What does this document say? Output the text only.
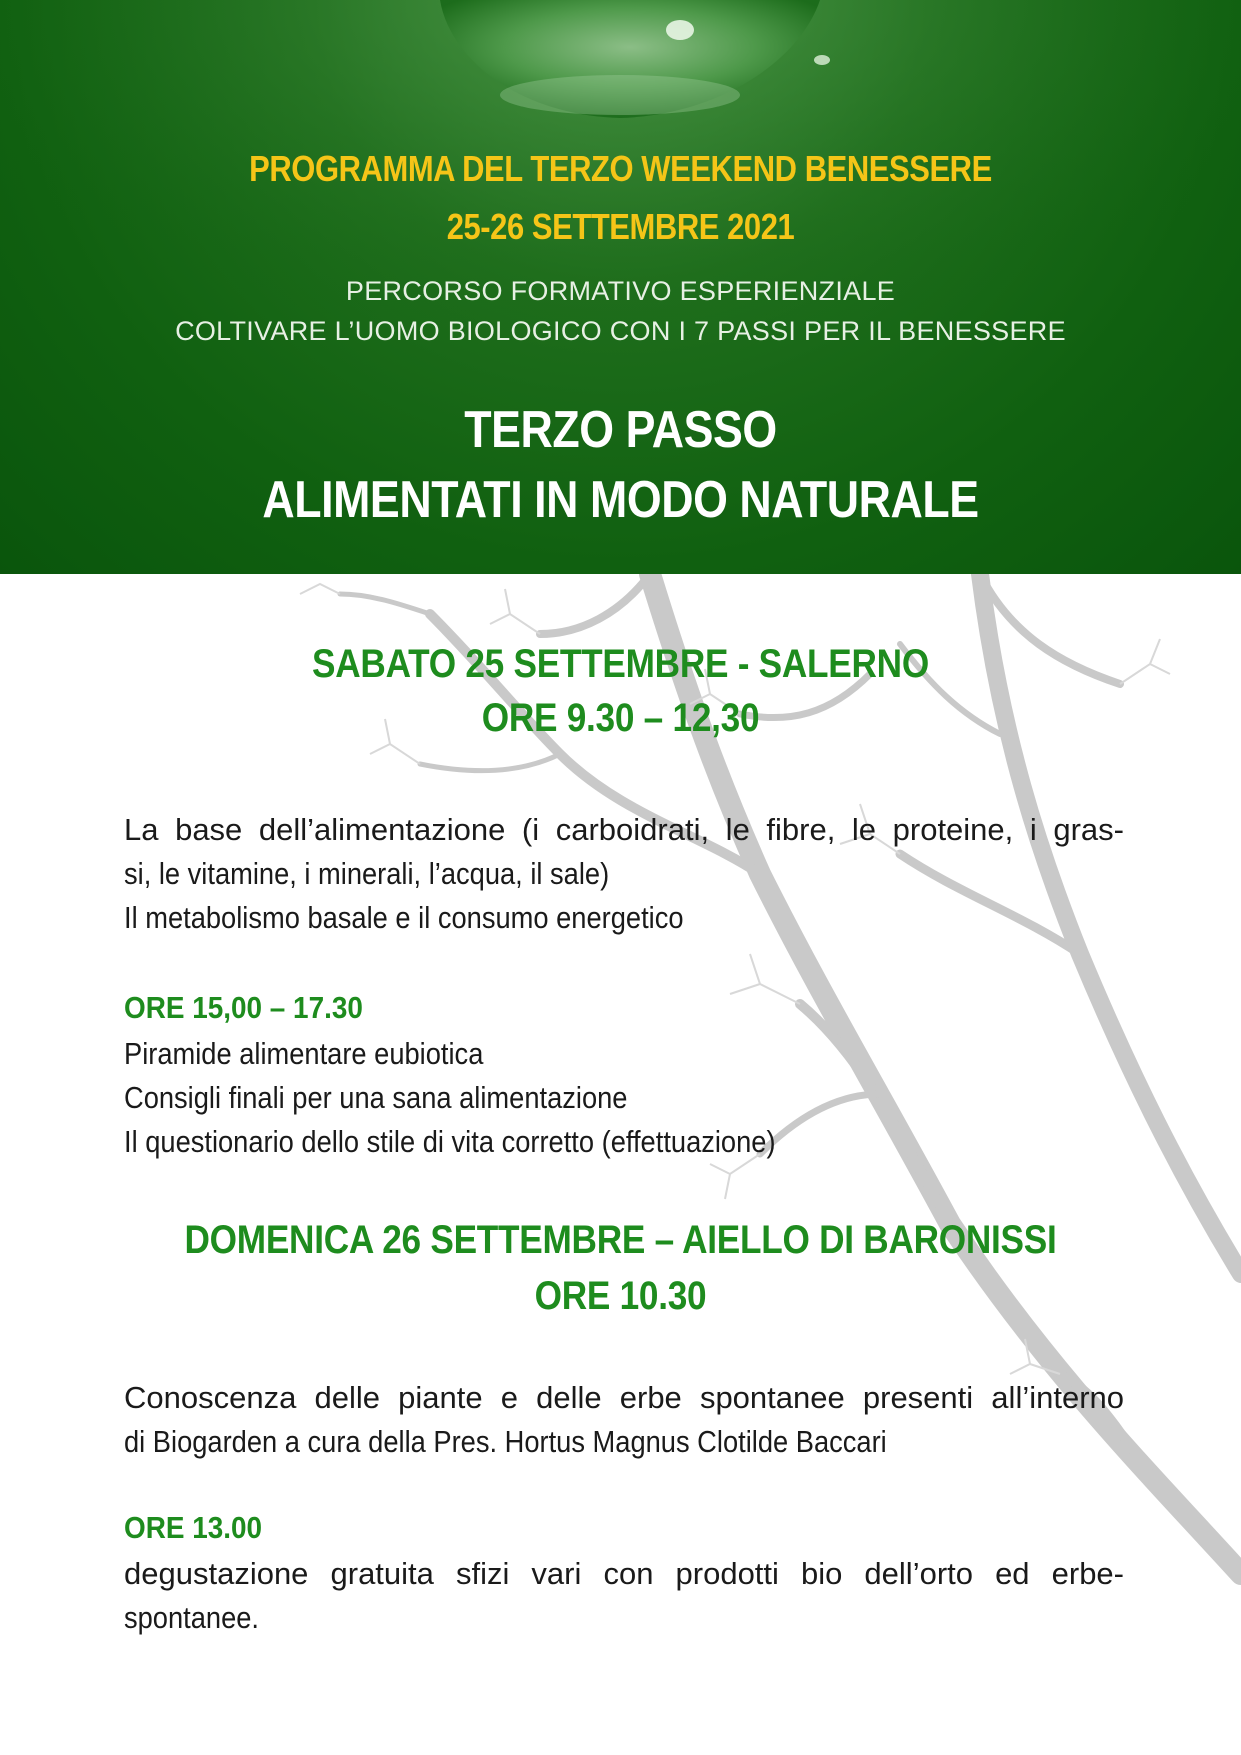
PROGRAMMA DEL TERZO WEEKEND BENESSERE
25-26 SETTEMBRE 2021
PERCORSO FORMATIVO ESPERIENZIALE
COLTIVARE L’UOMO BIOLOGICO CON I 7 PASSI PER IL BENESSERE
TERZO PASSO
ALIMENTATI IN MODO NATURALE
SABATO 25 SETTEMBRE - SALERNO
ORE 9.30 – 12,30
La base dell’alimentazione (i carboidrati, le fibre, le proteine, i gras-
si, le vitamine, i minerali, l’acqua, il sale)
Il metabolismo basale e il consumo energetico
ORE 15,00 – 17.30
Piramide alimentare eubiotica
Consigli finali per una sana alimentazione
Il questionario dello stile di vita corretto (effettuazione)
DOMENICA 26 SETTEMBRE – AIELLO DI BARONISSI
ORE 10.30
Conoscenza delle piante e delle erbe spontanee presenti all’interno
di Biogarden a cura della Pres. Hortus Magnus Clotilde Baccari
ORE 13.00
degustazione gratuita sfizi vari con prodotti bio dell’orto ed erbe-
spontanee.
